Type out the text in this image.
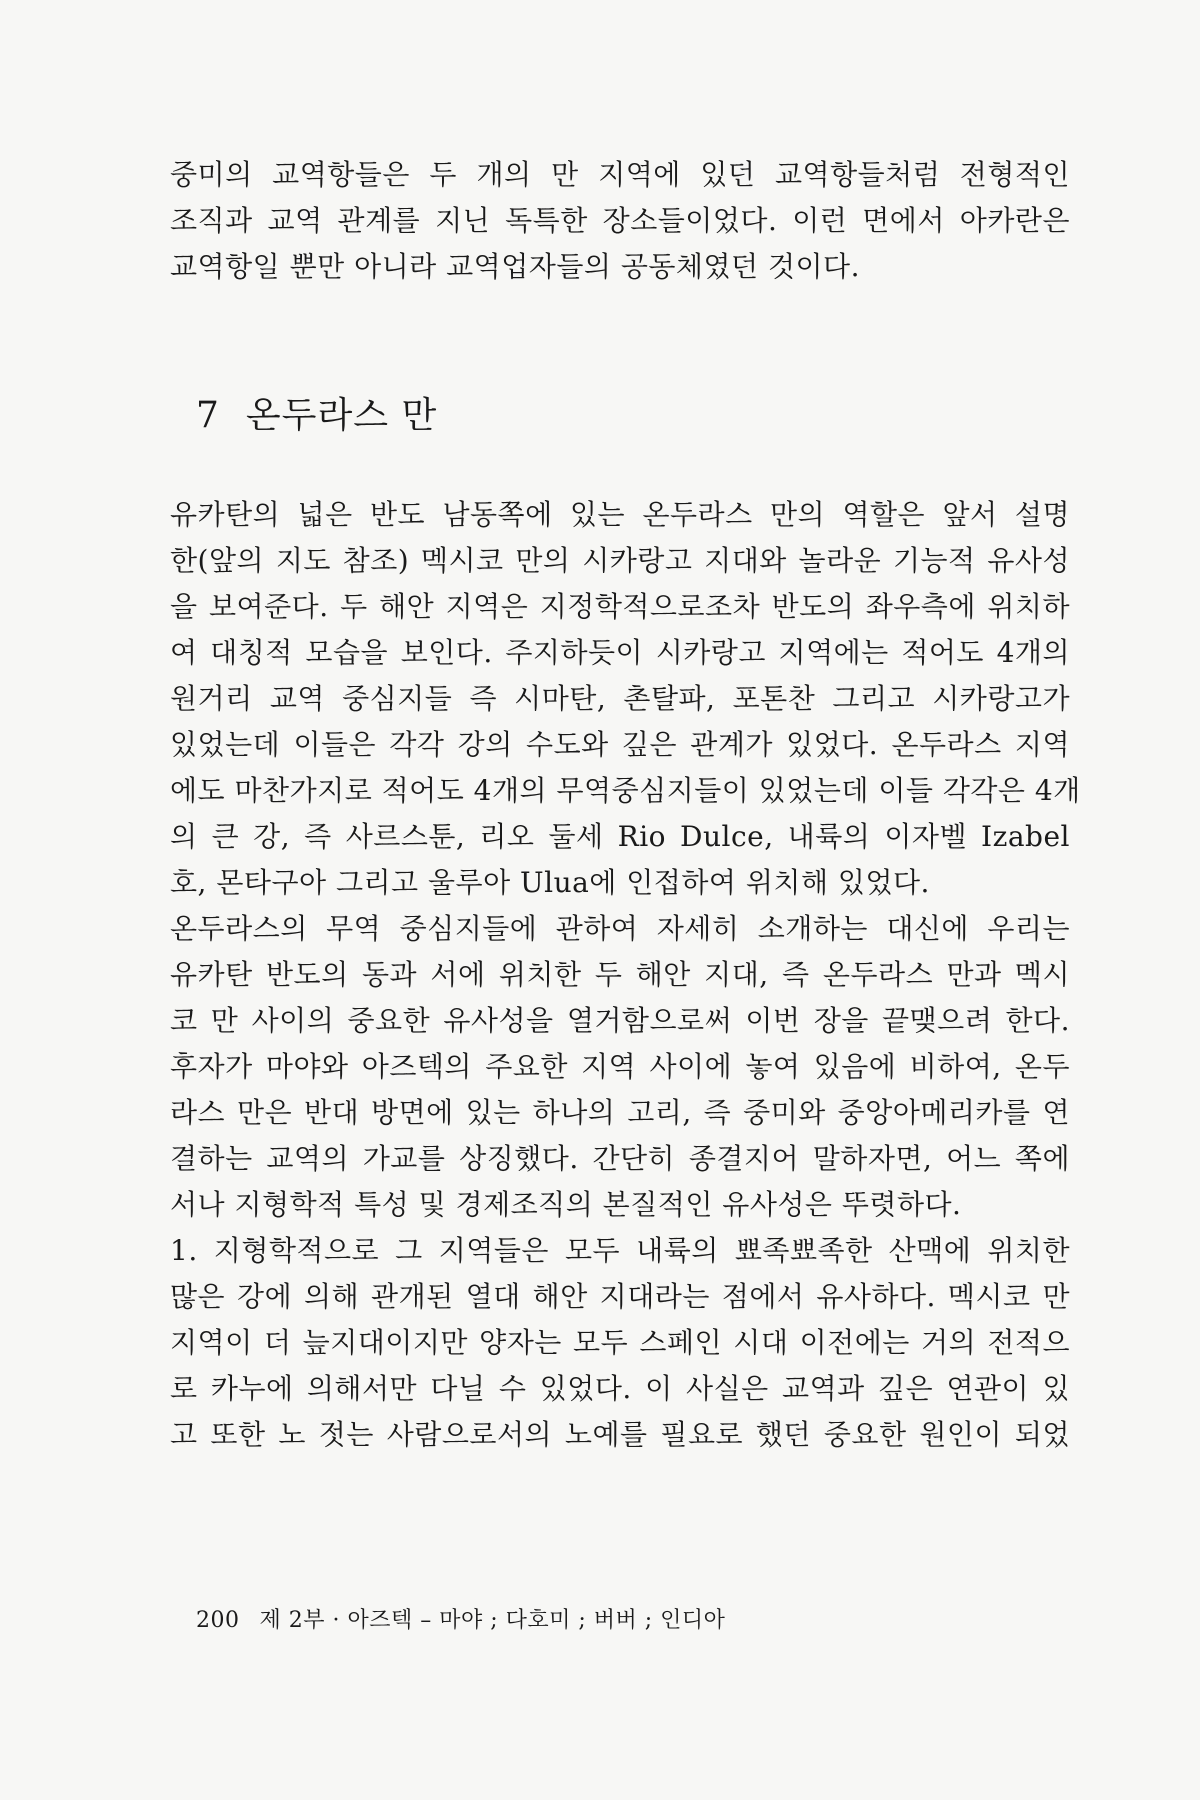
중미의 교역항들은 두 개의 만 지역에 있던 교역항들처럼 전형적인
조직과 교역 관계를 지닌 독특한 장소들이었다. 이런 면에서 아카란은
교역항일 뿐만 아니라 교역업자들의 공동체였던 것이다.
7 온두라스 만
유카탄의 넓은 반도 남동쪽에 있는 온두라스 만의 역할은 앞서 설명
한(앞의 지도 참조) 멕시코 만의 시카랑고 지대와 놀라운 기능적 유사성
을 보여준다. 두 해안 지역은 지정학적으로조차 반도의 좌우측에 위치하
여 대칭적 모습을 보인다. 주지하듯이 시카랑고 지역에는 적어도 4개의
원거리 교역 중심지들 즉 시마탄, 촌탈파, 포톤찬 그리고 시카랑고가
있었는데 이들은 각각 강의 수도와 깊은 관계가 있었다. 온두라스 지역
에도 마찬가지로 적어도 4개의 무역중심지들이 있었는데 이들 각각은 4개
의 큰 강, 즉 사르스툰, 리오 둘세 Rio Dulce, 내륙의 이자벨 Izabel
호, 몬타구아 그리고 울루아 Ulua에 인접하여 위치해 있었다.
온두라스의 무역 중심지들에 관하여 자세히 소개하는 대신에 우리는
유카탄 반도의 동과 서에 위치한 두 해안 지대, 즉 온두라스 만과 멕시
코 만 사이의 중요한 유사성을 열거함으로써 이번 장을 끝맺으려 한다.
후자가 마야와 아즈텍의 주요한 지역 사이에 놓여 있음에 비하여, 온두
라스 만은 반대 방면에 있는 하나의 고리, 즉 중미와 중앙아메리카를 연
결하는 교역의 가교를 상징했다. 간단히 종결지어 말하자면, 어느 쪽에
서나 지형학적 특성 및 경제조직의 본질적인 유사성은 뚜렷하다.
1. 지형학적으로 그 지역들은 모두 내륙의 뾰족뾰족한 산맥에 위치한
많은 강에 의해 관개된 열대 해안 지대라는 점에서 유사하다. 멕시코 만
지역이 더 늪지대이지만 양자는 모두 스페인 시대 이전에는 거의 전적으
로 카누에 의해서만 다닐 수 있었다. 이 사실은 교역과 깊은 연관이 있
고 또한 노 젓는 사람으로서의 노예를 필요로 했던 중요한 원인이 되었
200 제 2부 · 아즈텍 – 마야 ; 다호미 ; 버버 ; 인디아
